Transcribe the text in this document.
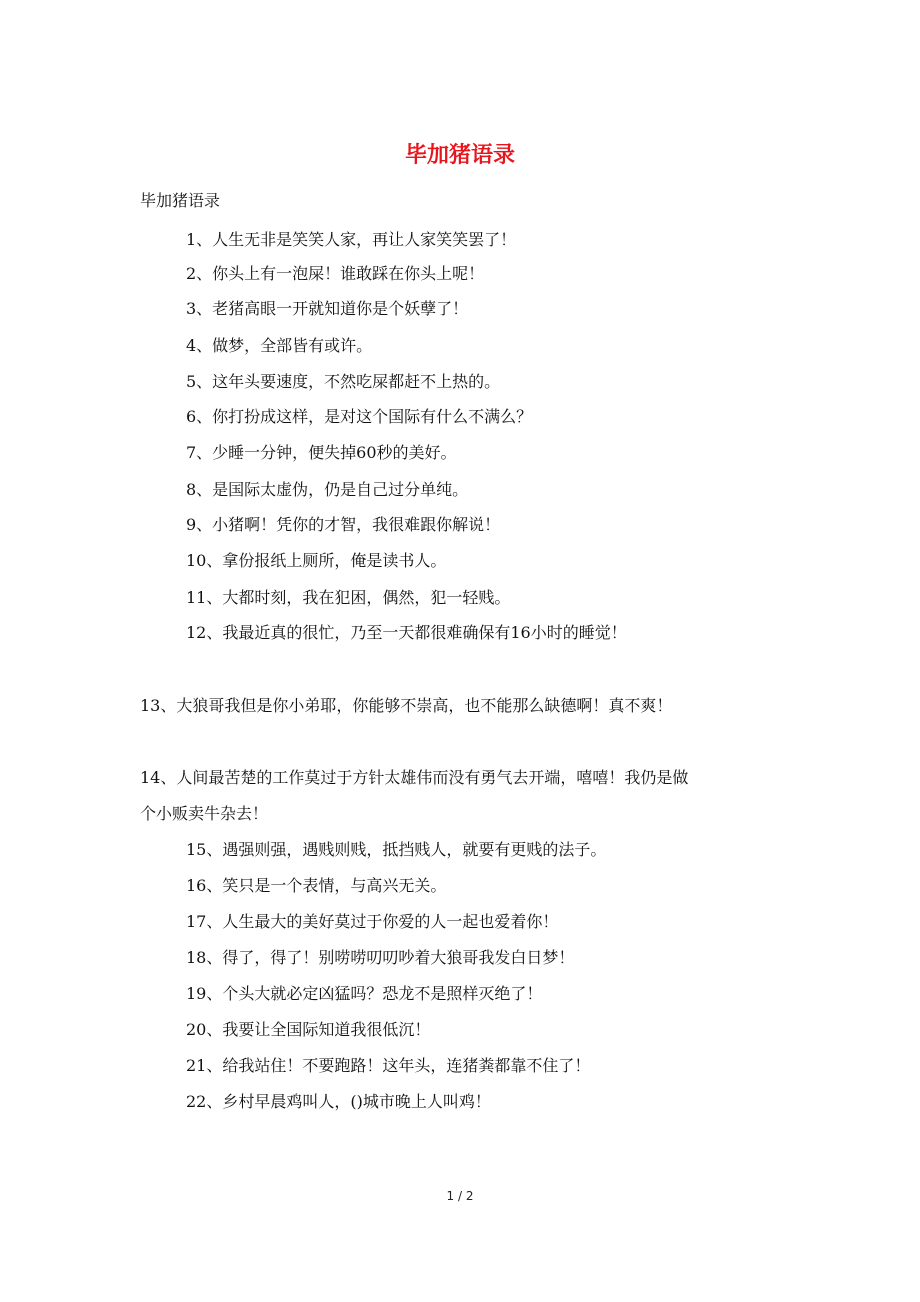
毕加猪语录
毕加猪语录
1、人生无非是笑笑人家，再让人家笑笑罢了！
2、你头上有一泡屎！谁敢踩在你头上呢！
3、老猪高眼一开就知道你是个妖孽了！
4、做梦，全部皆有或许。
5、这年头要速度，不然吃屎都赶不上热的。
6、你打扮成这样，是对这个国际有什么不满么？
7、少睡一分钟，便失掉60秒的美好。
8、是国际太虚伪，仍是自己过分单纯。
9、小猪啊！凭你的才智，我很难跟你解说！
10、拿份报纸上厕所，俺是读书人。
11、大都时刻，我在犯困，偶然，犯一轻贱。
12、我最近真的很忙，乃至一天都很难确保有16小时的睡觉！
13、大狼哥我但是你小弟耶，你能够不崇高，也不能那么缺德啊！真不爽！
14、人间最苦楚的工作莫过于方针太雄伟而没有勇气去开端，嘻嘻！我仍是做
个小贩卖牛杂去！
15、遇强则强，遇贱则贱，抵挡贱人，就要有更贱的法子。
16、笑只是一个表情，与高兴无关。
17、人生最大的美好莫过于你爱的人一起也爱着你！
18、得了，得了！别唠唠叨叨吵着大狼哥我发白日梦！
19、个头大就必定凶猛吗？恐龙不是照样灭绝了！
20、我要让全国际知道我很低沉！
21、给我站住！不要跑路！这年头，连猪粪都靠不住了！
22、乡村早晨鸡叫人，()城市晚上人叫鸡！
1 / 2
